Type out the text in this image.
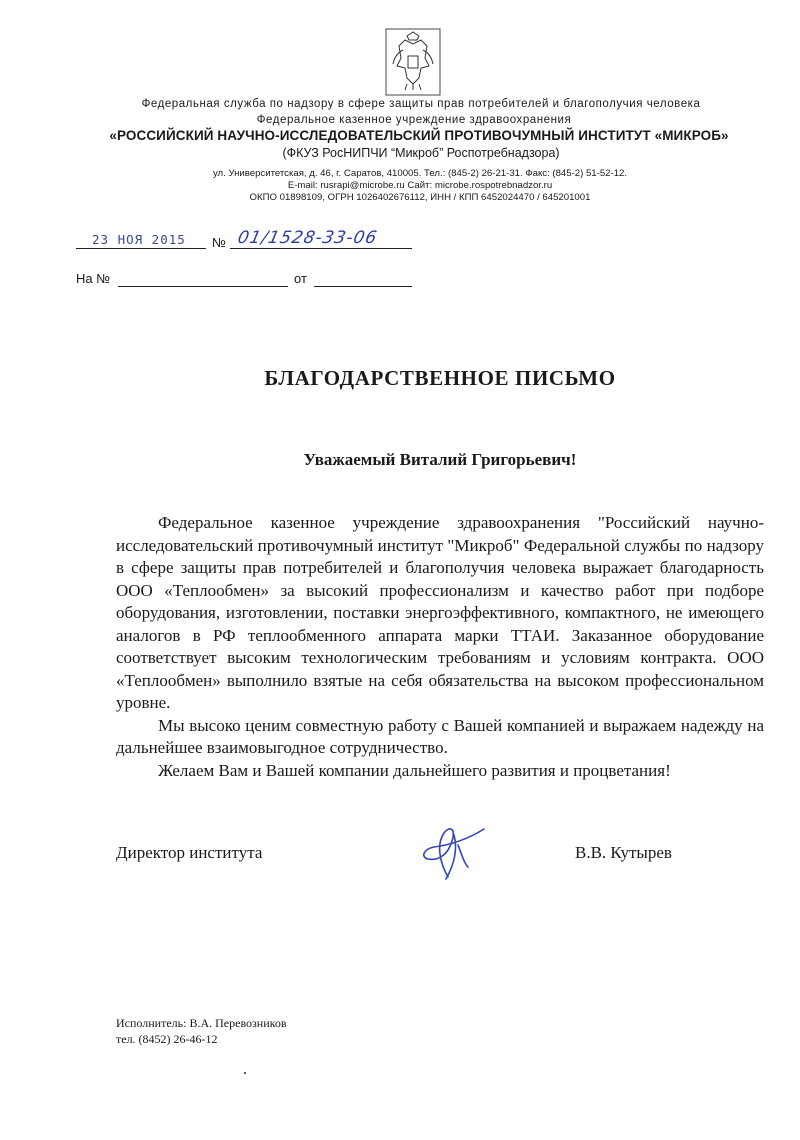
Федеральная служба по надзору в сфере защиты прав потребителей и благополучия человека
Федеральное казенное учреждение здравоохранения
«РОССИЙСКИЙ НАУЧНО-ИССЛЕДОВАТЕЛЬСКИЙ ПРОТИВОЧУМНЫЙ ИНСТИТУТ «МИКРОБ»
(ФКУЗ РосНИПЧИ “Микроб” Роспотребнадзора)
ул. Университетская, д. 46, г. Саратов, 410005. Тел.: (845-2) 26-21-31. Факс: (845-2) 51-52-12.
E-mail: rusrapi@microbe.ru Сайт: microbe.rospotrebnadzor.ru
ОКПО 01898109, ОГРН 1026402676112, ИНН / КПП 6452024470 / 645201001
23 НОЯ 2015 № 01/1528-33-06
На №	от
БЛАГОДАРСТВЕННОЕ ПИСЬМО
Уважаемый Виталий Григорьевич!

Федеральное казенное учреждение здравоохранения "Российский научно-исследовательский противочумный институт "Микроб" Федеральной службы по надзору в сфере защиты прав потребителей и благополучия человека выражает благодарность ООО «Теплообмен» за высокий профессионализм и качество работ при подборе оборудования, изготовлении, поставки энергоэффективного, компактного, не имеющего аналогов в РФ теплообменного аппарата марки ТТАИ. Заказанное оборудование соответствует высоким технологическим требованиям и условиям контракта. ООО «Теплообмен» выполнило взятые на себя обязательства на высоком профессиональном уровне.

Мы высоко ценим совместную работу с Вашей компанией и выражаем надежду на дальнейшее взаимовыгодное сотрудничество.

Желаем Вам и Вашей компании дальнейшего развития и процветания!

Директор института	В.В. Кутырев
Исполнитель: В.А. Перевозников
тел. (8452) 26-46-12
